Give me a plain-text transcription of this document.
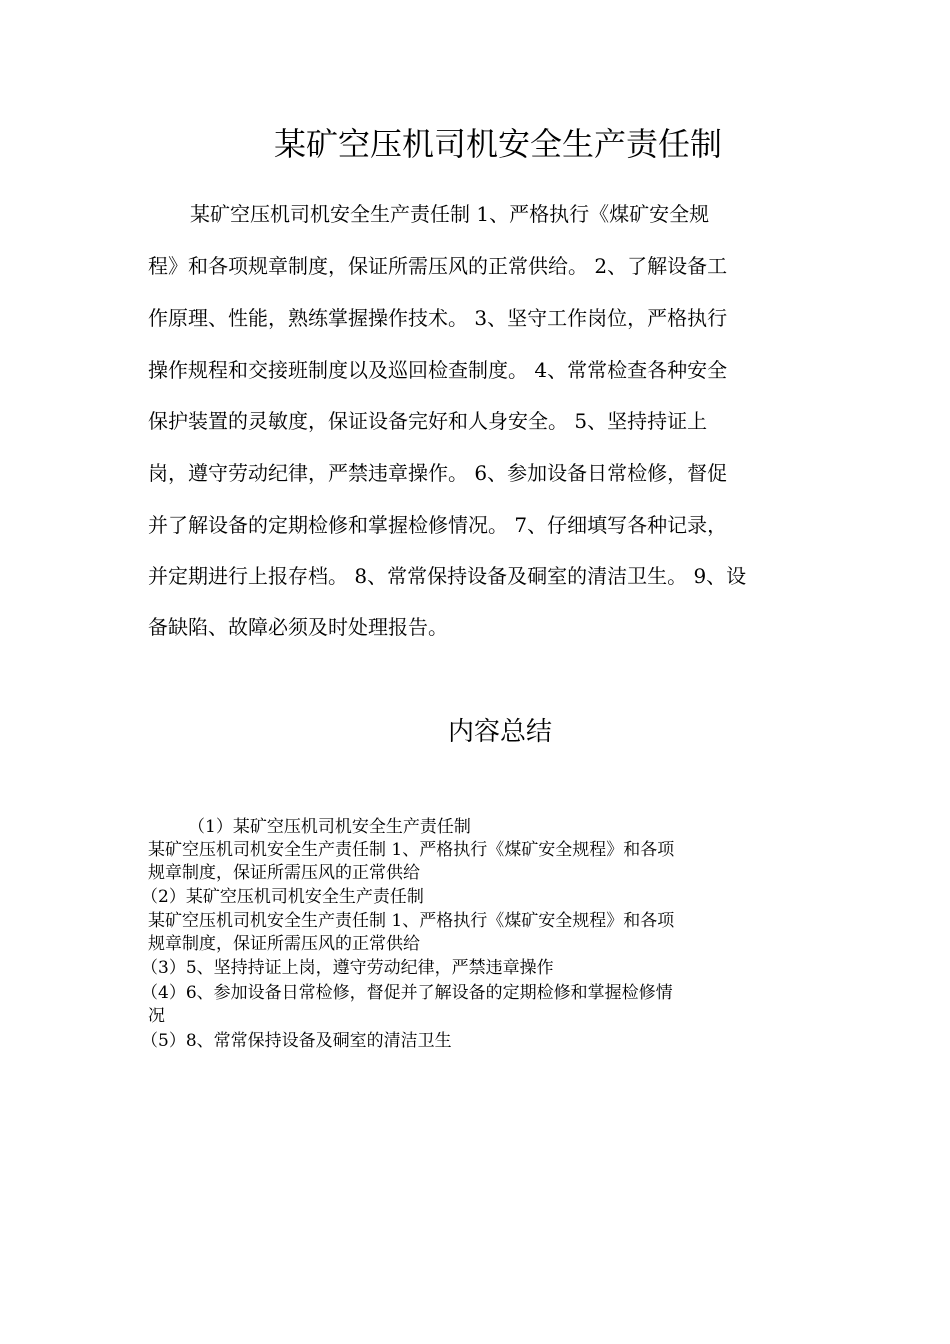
某矿空压机司机安全生产责任制
某矿空压机司机安全生产责任制 1、严格执行《煤矿安全规
程》和各项规章制度，保证所需压风的正常供给。 2、了解设备工
作原理、性能，熟练掌握操作技术。 3、坚守工作岗位，严格执行
操作规程和交接班制度以及巡回检查制度。 4、常常检查各种安全
保护装置的灵敏度，保证设备完好和人身安全。 5、坚持持证上
岗，遵守劳动纪律，严禁违章操作。 6、参加设备日常检修，督促
并了解设备的定期检修和掌握检修情况。 7、仔细填写各种记录，
并定期进行上报存档。 8、常常保持设备及硐室的清洁卫生。 9、设
备缺陷、故障必须及时处理报告。
内容总结
（1）某矿空压机司机安全生产责任制
某矿空压机司机安全生产责任制 1、严格执行《煤矿安全规程》和各项
规章制度，保证所需压风的正常供给
（2）某矿空压机司机安全生产责任制
某矿空压机司机安全生产责任制 1、严格执行《煤矿安全规程》和各项
规章制度，保证所需压风的正常供给
（3）5、坚持持证上岗，遵守劳动纪律，严禁违章操作
（4）6、参加设备日常检修，督促并了解设备的定期检修和掌握检修情
况
（5）8、常常保持设备及硐室的清洁卫生
